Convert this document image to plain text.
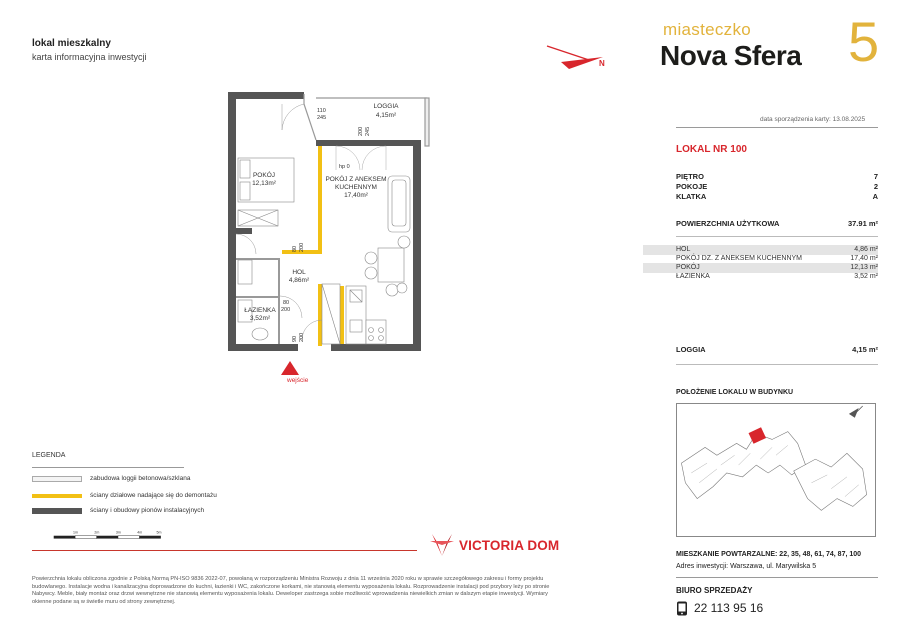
lokal mieszkalny
karta informacyjna inwestycji
N
miasteczko
Nova Sfera 5
data sporządzenia karty: 13.08.2025
LOKAL NR 100
PIĘTRO	7
POKOJE	2
KLATKA	A
POWIERZCHNIA UŻYTKOWA	37.91 m²
HOL	4,86 m²
POKÓJ DZ. Z ANEKSEM KUCHENNYM	17,40 m²
POKÓJ	12,13 m²
ŁAZIENKA	3,52 m²
LOGGIA	4,15 m²
POŁOŻENIE LOKALU W BUDYNKU
MIESZKANIE POWTARZALNE: 22, 35, 48, 61, 74, 87, 100
Adres inwestycji: Warszawa, ul. Marywilska 5
BIURO SPRZEDAŻY
22 113 95 16
LOGGIA
4,15m²
POKÓJ
12,13m²
POKÓJ Z ANEKSEM
KUCHENNYM
17,40m²
HOL
4,86m²
ŁAZIENKA
3,52m²
hp 0
110
245
200 245
80 200
80
200
90 200
wejście
LEGENDA
zabudowa loggii betonowa/szklana
ściany działowe nadające się do demontażu
ściany i obudowy pionów instalacyjnych
1m	2m	3m	4m	5m
VICTORIA DOM
Powierzchnia lokalu obliczona zgodnie z Polską Normą PN-ISO 9836 2022-07, powołaną w rozporządzeniu Ministra Rozwoju z dnia 11 września 2020 roku w sprawie szczegółowego zakresu i formy projektu budowlanego. Instalacje wodna i kanalizacyjna doprowadzone do kuchni, łazienki i WC, zakończone korkami, nie stanowią elementu wyposażenia lokalu. Rozprowadzenie instalacji pod przybory leży po stronie Nabywcy. Meble, biały montaż oraz drzwi wewnętrzne nie stanowią elementu wyposażenia lokalu. Deweloper zastrzega sobie możliwość wprowadzenia niewielkich zmian w dalszym etapie inwestycji. Wymiary okienne podane są w świetle muru od strony zewnętrznej.
